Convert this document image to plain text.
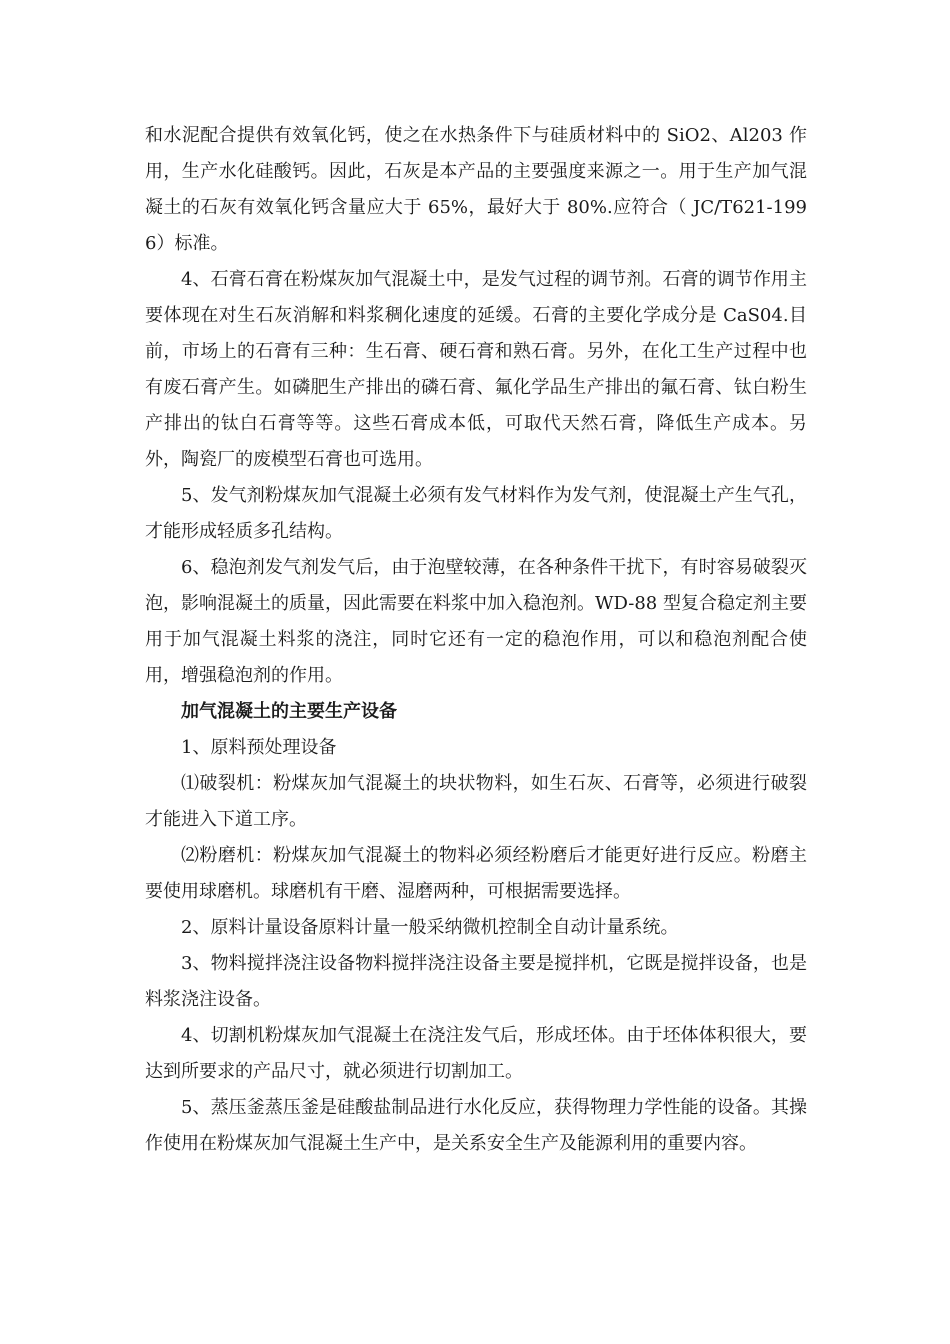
和水泥配合提供有效氧化钙，使之在水热条件下与硅质材料中的 SiO2、Al203 作用，生产水化硅酸钙。因此，石灰是本产品的主要强度来源之一。用于生产加气混凝土的石灰有效氧化钙含量应大于 65%，最好大于 80%.应符合（ JC/T621-1996）标准。

4、石膏石膏在粉煤灰加气混凝土中，是发气过程的调节剂。石膏的调节作用主要体现在对生石灰消解和料浆稠化速度的延缓。石膏的主要化学成分是 CaS04.目前，市场上的石膏有三种：生石膏、硬石膏和熟石膏。另外，在化工生产过程中也有废石膏产生。如磷肥生产排出的磷石膏、氟化学品生产排出的氟石膏、钛白粉生产排出的钛白石膏等等。这些石膏成本低，可取代天然石膏，降低生产成本。另外，陶瓷厂的废模型石膏也可选用。

5、发气剂粉煤灰加气混凝土必须有发气材料作为发气剂，使混凝土产生气孔，才能形成轻质多孔结构。

6、稳泡剂发气剂发气后，由于泡壁较薄，在各种条件干扰下，有时容易破裂灭泡，影响混凝土的质量，因此需要在料浆中加入稳泡剂。WD-88 型复合稳定剂主要用于加气混凝土料浆的浇注，同时它还有一定的稳泡作用，可以和稳泡剂配合使用，增强稳泡剂的作用。

加气混凝土的主要生产设备

1、原料预处理设备

⑴破裂机：粉煤灰加气混凝土的块状物料，如生石灰、石膏等，必须进行破裂才能进入下道工序。

⑵粉磨机：粉煤灰加气混凝土的物料必须经粉磨后才能更好进行反应。粉磨主要使用球磨机。球磨机有干磨、湿磨两种，可根据需要选择。

2、原料计量设备原料计量一般采纳微机控制全自动计量系统。

3、物料搅拌浇注设备物料搅拌浇注设备主要是搅拌机，它既是搅拌设备，也是料浆浇注设备。

4、切割机粉煤灰加气混凝土在浇注发气后，形成坯体。由于坯体体积很大，要达到所要求的产品尺寸，就必须进行切割加工。

5、蒸压釜蒸压釜是硅酸盐制品进行水化反应，获得物理力学性能的设备。其操作使用在粉煤灰加气混凝土生产中，是关系安全生产及能源利用的重要内容。
